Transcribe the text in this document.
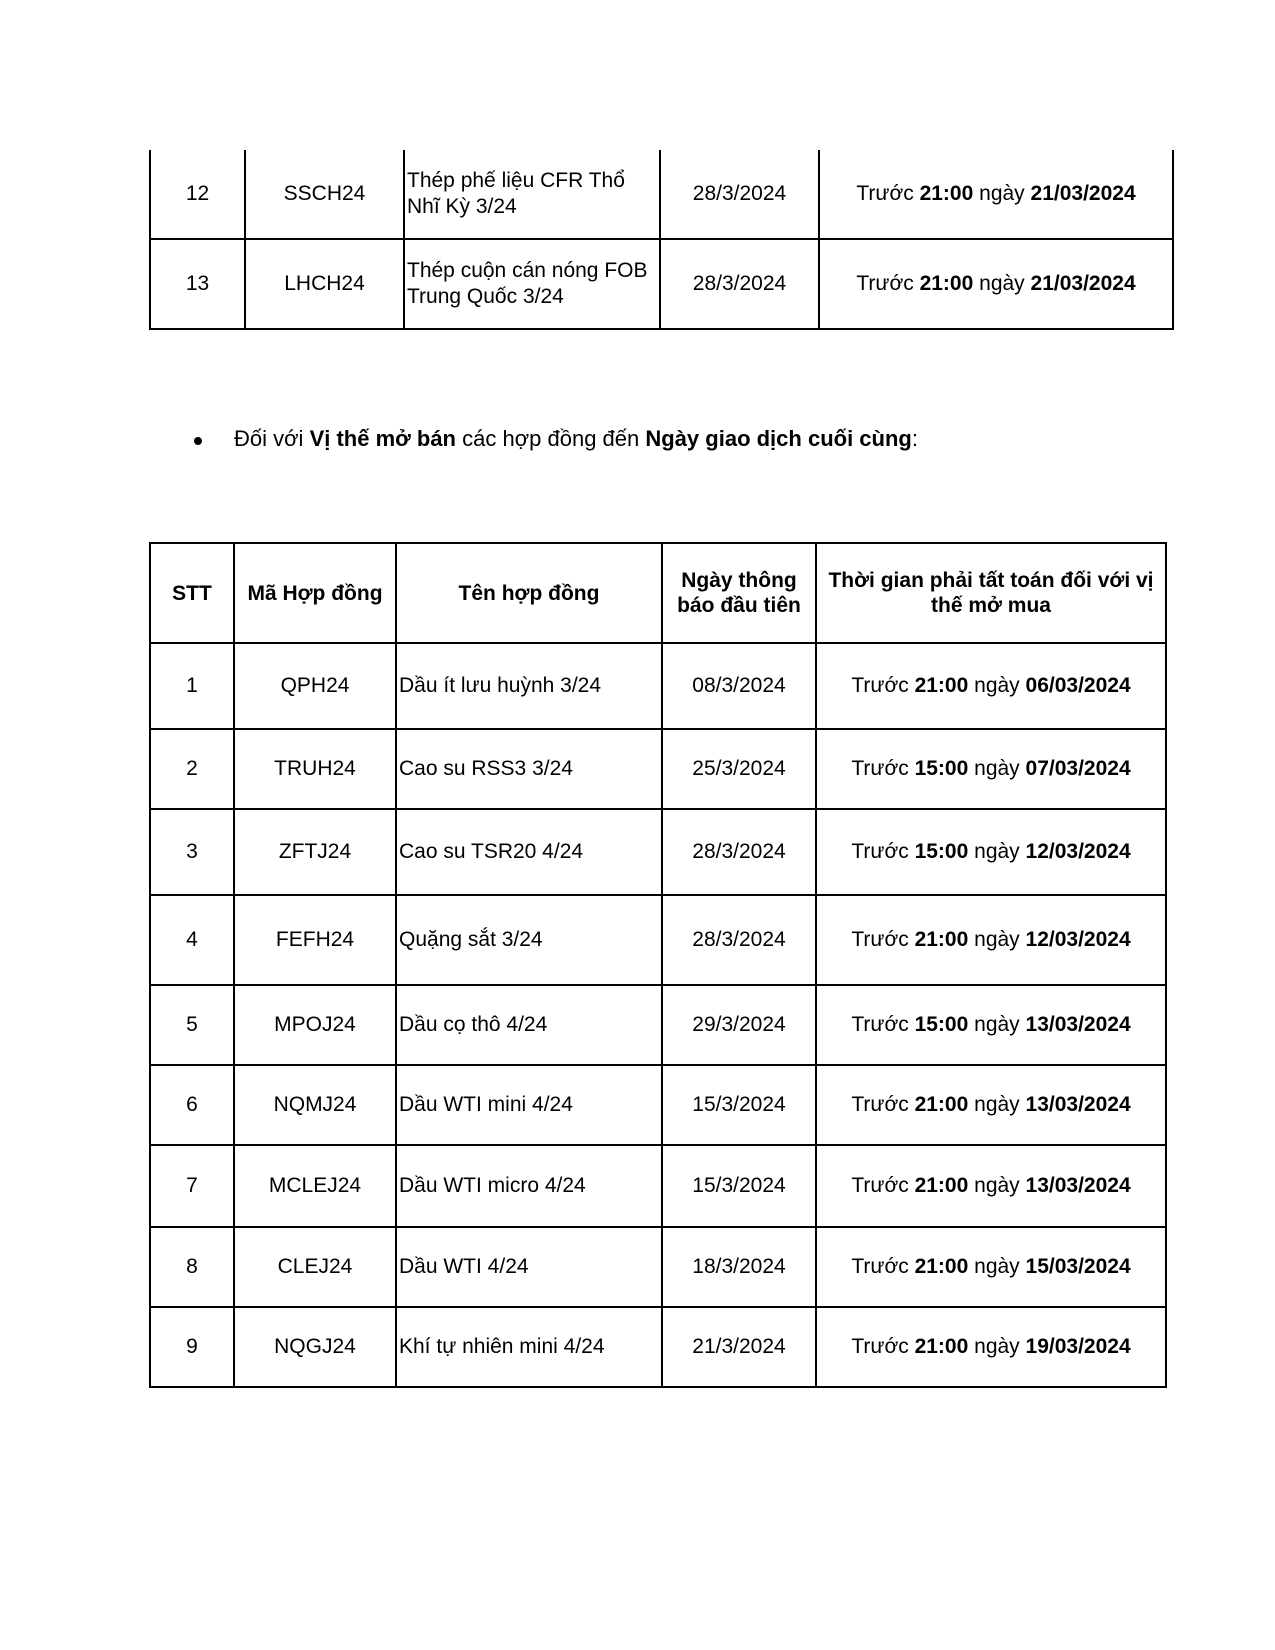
12	SSCH24	Thép phế liệu CFR Thổ Nhĩ Kỳ 3/24	28/3/2024	Trước 21:00 ngày 21/03/2024
13	LHCH24	Thép cuộn cán nóng FOB Trung Quốc 3/24	28/3/2024	Trước 21:00 ngày 21/03/2024
Đối với Vị thế mở bán các hợp đồng đến Ngày giao dịch cuối cùng:
STT	Mã Hợp đồng	Tên hợp đồng	Ngày thông báo đầu tiên	Thời gian phải tất toán đối với vị thế mở mua
1	QPH24	Dầu ít lưu huỳnh 3/24	08/3/2024	Trước 21:00 ngày 06/03/2024
2	TRUH24	Cao su RSS3 3/24	25/3/2024	Trước 15:00 ngày 07/03/2024
3	ZFTJ24	Cao su TSR20 4/24	28/3/2024	Trước 15:00 ngày 12/03/2024
4	FEFH24	Quặng sắt 3/24	28/3/2024	Trước 21:00 ngày 12/03/2024
5	MPOJ24	Dầu cọ thô 4/24	29/3/2024	Trước 15:00 ngày 13/03/2024
6	NQMJ24	Dầu WTI mini 4/24	15/3/2024	Trước 21:00 ngày 13/03/2024
7	MCLEJ24	Dầu WTI micro 4/24	15/3/2024	Trước 21:00 ngày 13/03/2024
8	CLEJ24	Dầu WTI 4/24	18/3/2024	Trước 21:00 ngày 15/03/2024
9	NQGJ24	Khí tự nhiên mini 4/24	21/3/2024	Trước 21:00 ngày 19/03/2024
